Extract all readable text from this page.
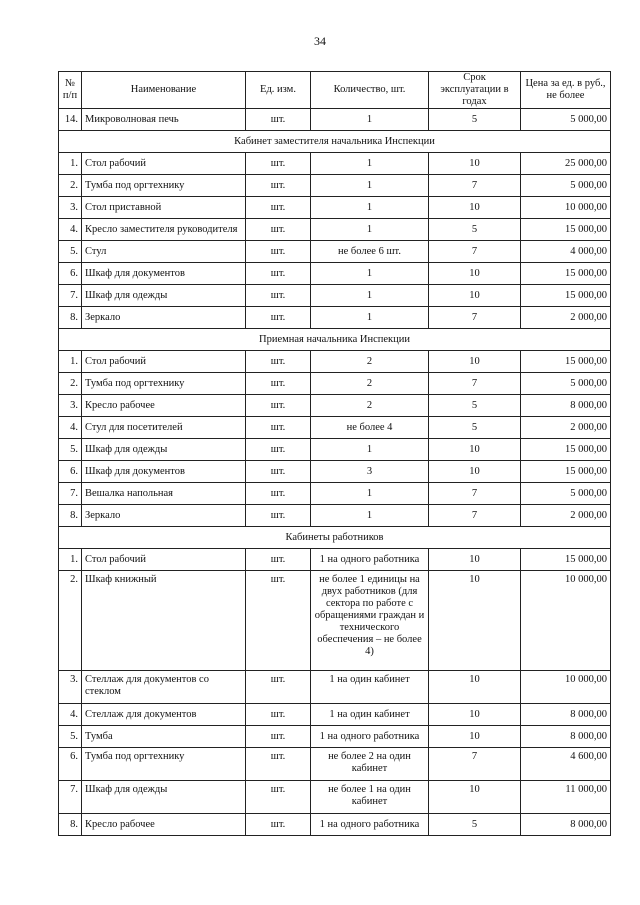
34
№ п/п	Наименование	Ед. изм.	Количество, шт.	Срок эксплуатации в годах	Цена за ед. в руб., не более
14.	Микроволновая печь	шт.	1	5	5 000,00
Кабинет заместителя начальника Инспекции					
1.	Стол рабочий	шт.	1	10	25 000,00
2.	Тумба под оргтехнику	шт.	1	7	5 000,00
3.	Стол приставной	шт.	1	10	10 000,00
4.	Кресло заместителя руководителя	шт.	1	5	15 000,00
5.	Стул	шт.	не более 6 шт.	7	4 000,00
6.	Шкаф для документов	шт.	1	10	15 000,00
7.	Шкаф для одежды	шт.	1	10	15 000,00
8.	Зеркало	шт.	1	7	2 000,00
Приемная начальника Инспекции					
1.	Стол рабочий	шт.	2	10	15 000,00
2.	Тумба под оргтехнику	шт.	2	7	5 000,00
3.	Кресло рабочее	шт.	2	5	8 000,00
4.	Стул для посетителей	шт.	не более 4	5	2 000,00
5.	Шкаф для одежды	шт.	1	10	15 000,00
6.	Шкаф для документов	шт.	3	10	15 000,00
7.	Вешалка напольная	шт.	1	7	5 000,00
8.	Зеркало	шт.	1	7	2 000,00
Кабинеты работников					
1.	Стол рабочий	шт.	1 на одного работника	10	15 000,00
2.	Шкаф книжный	шт.	не более 1 единицы на двух работников (для сектора по работе с обращениями граждан и технического обеспечения – не более 4)	10	10 000,00
3.	Стеллаж для документов со стеклом	шт.	1 на один кабинет	10	10 000,00
4.	Стеллаж для документов	шт.	1 на один кабинет	10	8 000,00
5.	Тумба	шт.	1 на одного работника	10	8 000,00
6.	Тумба под оргтехнику	шт.	не более 2 на один кабинет	7	4 600,00
7.	Шкаф для одежды	шт.	не более 1 на один кабинет	10	11 000,00
8.	Кресло рабочее	шт.	1 на одного работника	5	8 000,00
